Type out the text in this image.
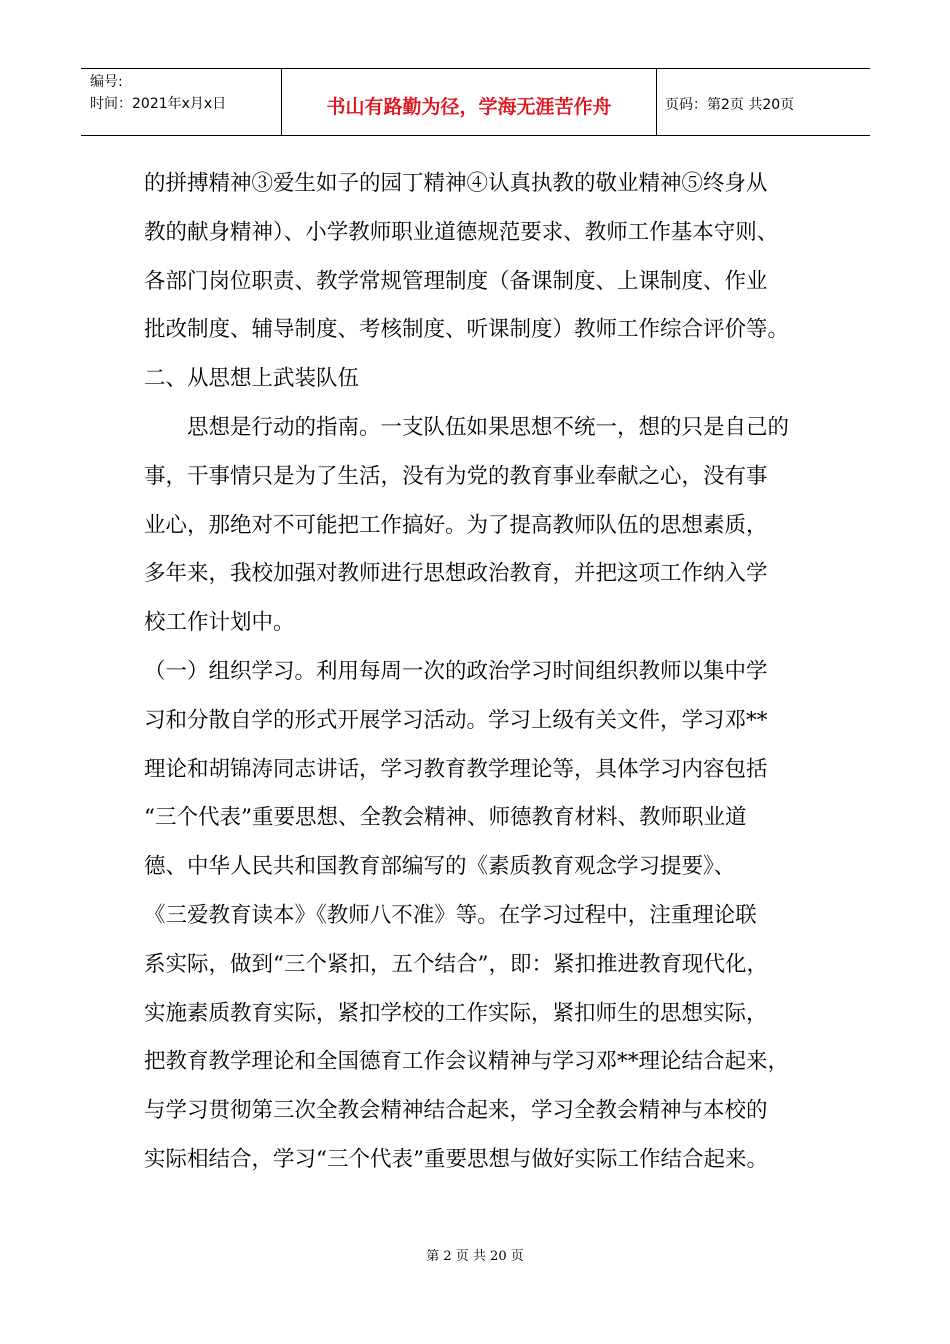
编号:
时间：2021年x月x日	书山有路勤为径，学海无涯苦作舟	页码：第2页 共20页

的拼搏精神③爱生如子的园丁精神④认真执教的敬业精神⑤终身从

教的献身精神）、小学教师职业道德规范要求、教师工作基本守则、

各部门岗位职责、教学常规管理制度（备课制度、上课制度、作业

批改制度、辅导制度、考核制度、听课制度）教师工作综合评价等。

二、从思想上武装队伍

　　思想是行动的指南。一支队伍如果思想不统一，想的只是自己的

事，干事情只是为了生活，没有为党的教育事业奉献之心，没有事

业心，那绝对不可能把工作搞好。为了提高教师队伍的思想素质，

多年来，我校加强对教师进行思想政治教育，并把这项工作纳入学

校工作计划中。

（一）组织学习。利用每周一次的政治学习时间组织教师以集中学

习和分散自学的形式开展学习活动。学习上级有关文件，学习邓**

理论和胡锦涛同志讲话，学习教育教学理论等，具体学习内容包括

“三个代表”重要思想、全教会精神、师德教育材料、教师职业道

德、中华人民共和国教育部编写的《素质教育观念学习提要》、

《三爱教育读本》《教师八不准》等。在学习过程中，注重理论联

系实际，做到“三个紧扣，五个结合”，即：紧扣推进教育现代化，

实施素质教育实际，紧扣学校的工作实际，紧扣师生的思想实际，

把教育教学理论和全国德育工作会议精神与学习邓**理论结合起来，

与学习贯彻第三次全教会精神结合起来，学习全教会精神与本校的

实际相结合，学习“三个代表”重要思想与做好实际工作结合起来。

第 2 页 共 20 页
